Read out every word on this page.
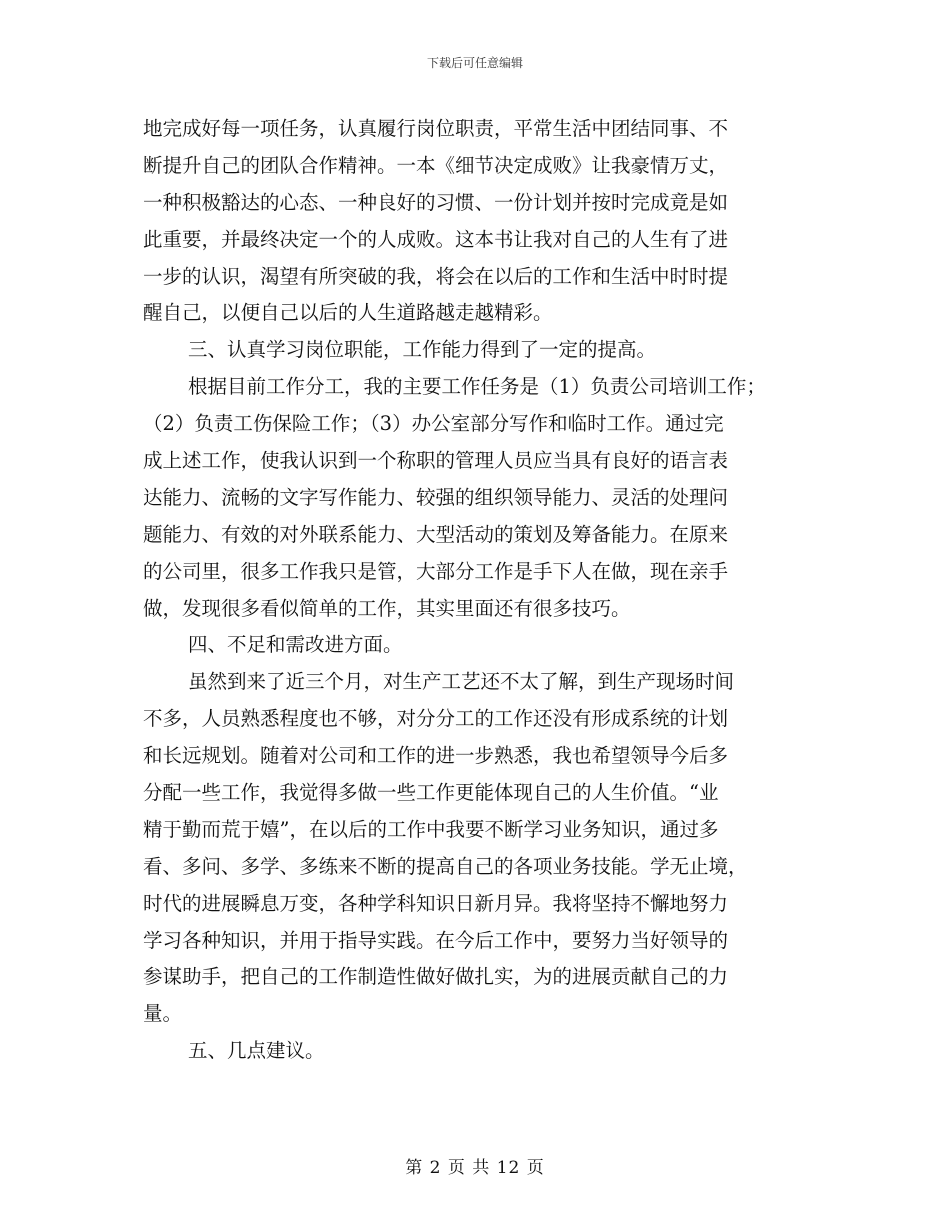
下载后可任意编辑
地完成好每一项任务，认真履行岗位职责，平常生活中团结同事、不
断提升自己的团队合作精神。一本《细节决定成败》让我豪情万丈，
一种积极豁达的心态、一种良好的习惯、一份计划并按时完成竟是如
此重要，并最终决定一个的人成败。这本书让我对自己的人生有了进
一步的认识，渴望有所突破的我，将会在以后的工作和生活中时时提
醒自己，以便自己以后的人生道路越走越精彩。
三、认真学习岗位职能，工作能力得到了一定的提高。
根据目前工作分工，我的主要工作任务是（1）负责公司培训工作；
（2）负责工伤保险工作；（3）办公室部分写作和临时工作。通过完
成上述工作，使我认识到一个称职的管理人员应当具有良好的语言表
达能力、流畅的文字写作能力、较强的组织领导能力、灵活的处理问
题能力、有效的对外联系能力、大型活动的策划及筹备能力。在原来
的公司里，很多工作我只是管，大部分工作是手下人在做，现在亲手
做，发现很多看似简单的工作，其实里面还有很多技巧。
四、不足和需改进方面。
虽然到来了近三个月，对生产工艺还不太了解，到生产现场时间
不多，人员熟悉程度也不够，对分分工的工作还没有形成系统的计划
和长远规划。随着对公司和工作的进一步熟悉，我也希望领导今后多
分配一些工作，我觉得多做一些工作更能体现自己的人生价值。“业
精于勤而荒于嬉”，在以后的工作中我要不断学习业务知识，通过多
看、多问、多学、多练来不断的提高自己的各项业务技能。学无止境，
时代的进展瞬息万变，各种学科知识日新月异。我将坚持不懈地努力
学习各种知识，并用于指导实践。在今后工作中，要努力当好领导的
参谋助手，把自己的工作制造性做好做扎实，为的进展贡献自己的力
量。
五、几点建议。
第 2 页 共 12 页
